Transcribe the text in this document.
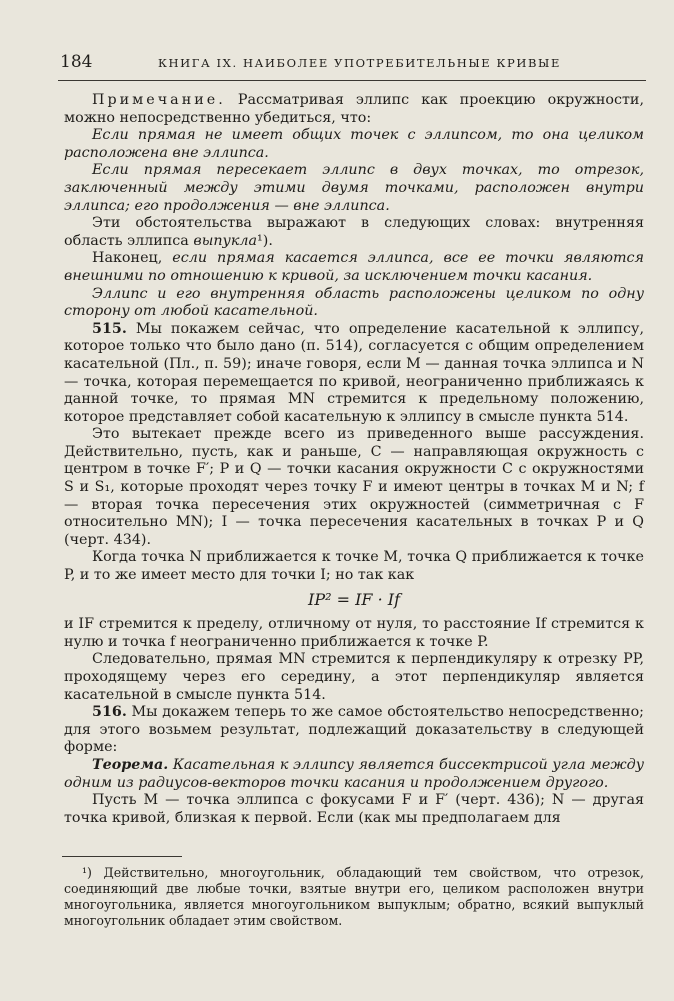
184	КНИГА IX. НАИБОЛЕЕ УПОТРЕБИТЕЛЬНЫЕ КРИВЫЕ

Примечание. Рассматривая эллипс как проекцию окружности, можно непосредственно убедиться, что:

Если прямая не имеет общих точек с эллипсом, то она целиком расположена вне эллипса.

Если прямая пересекает эллипс в двух точках, то отрезок, заключенный между этими двумя точками, расположен внутри эллипса; его продолжения — вне эллипса.

Эти обстоятельства выражают в следующих словах: внутренняя область эллипса выпукла¹).

Наконец, если прямая касается эллипса, все ее точки являются внешними по отношению к кривой, за исключением точки касания.

Эллипс и его внутренняя область расположены целиком по одну сторону от любой касательной.

515. Мы покажем сейчас, что определение касательной к эллипсу, которое только что было дано (п. 514), согласуется с общим определением касательной (Пл., п. 59); иначе говоря, если M — данная точка эллипса и N — точка, которая перемещается по кривой, неограниченно приближаясь к данной точке, то прямая MN стремится к предельному положению, которое представляет собой касательную к эллипсу в смысле пункта 514.

Это вытекает прежде всего из приведенного выше рассуждения. Действительно, пусть, как и раньше, C — направляющая окружность с центром в точке F′; P и Q — точки касания окружности C с окружностями S и S₁, которые проходят через точку F и имеют центры в точках M и N; f — вторая точка пересечения этих окружностей (симметричная с F относительно MN); I — точка пересечения касательных в точках P и Q (черт. 434).

Когда точка N приближается к точке M, точка Q приближается к точке P, и то же имеет место для точки I; но так как

IP² = IF · If

и IF стремится к пределу, отличному от нуля, то расстояние If стремится к нулю и точка f неограниченно приближается к точке P.

Следовательно, прямая MN стремится к перпендикуляру к отрезку PP, проходящему через его середину, а этот перпендикуляр является касательной в смысле пункта 514.

516. Мы докажем теперь то же самое обстоятельство непосредственно; для этого возьмем результат, подлежащий доказательству в следующей форме:

Теорема. Касательная к эллипсу является биссектрисой угла между одним из радиусов-векторов точки касания и продолжением другого.

Пусть M — точка эллипса с фокусами F и F′ (черт. 436); N — другая точка кривой, близкая к первой. Если (как мы предполагаем для

¹) Действительно, многоугольник, обладающий тем свойством, что отрезок, соединяющий две любые точки, взятые внутри его, целиком расположен внутри многоугольника, является многоугольником выпуклым; обратно, всякий выпуклый многоугольник обладает этим свойством.
